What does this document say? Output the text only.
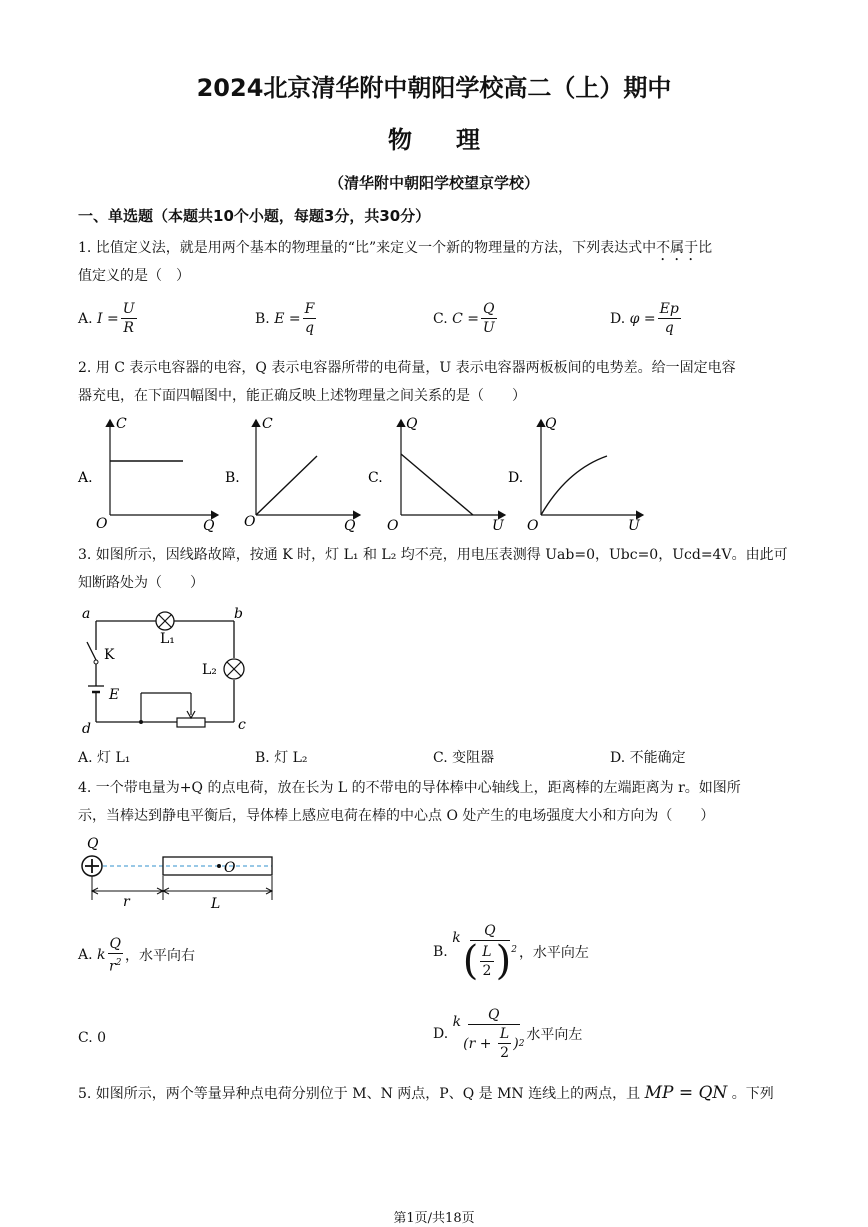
2024北京清华附中朝阳学校高二（上）期中
物理
（清华附中朝阳学校望京学校）
一、单选题（本题共10个小题，每题3分，共30分）
1. 比值定义法，就是用两个基本的物理量的“比”来定义一个新的物理量的方法，下列表达式中不属于比
值定义的是（　）
A.
$I = \frac{U}{R}$	B.
$E = \frac{F}{q}$	C.
$C = \frac{Q}{U}$	D.
$\varphi = \frac{Ep}{q}$
2. 用 C 表示电容器的电容，Q 表示电容器所带的电荷量，U 表示电容器两板板间的电势差。给一固定电容
器充电，在下面四幅图中，能正确反映上述物理量之间关系的是（　　）
A.
C
Q
O
B.
C
Q
O
C.
Q
U
O
D.
Q
U
O
3. 如图所示，因线路故障，按通 K 时，灯 L₁ 和 L₂ 均不亮，用电压表测得 Uab=0，Ubc=0，Ucd=4V。由此可
知断路处为（　　）
a	b
c
d
K
E
L₁
L₂
A. 灯 L₁	B. 灯 L₂	C. 变阻器	D. 不能确定
4. 一个带电量为+Q 的点电荷，放在长为 L 的不带电的导体棒中心轴线上，距离棒的左端距离为 r。如图所
示，当棒达到静电平衡后，导体棒上感应电荷在棒的中心点 O 处产生的电场强度大小和方向为（　　）
Q
O
r	L
A.
k $\frac{Q}{r^2}$ ，水平向右	B.

k $\frac{Q}{( \frac{L}{2} )^2}$ ，水平向左
C. 0	D.

k $\frac{Q}{(r + \frac{L}{2} ) 2}$ 水平向左
5. 如图所示，两个等量异种点电荷分别位于 M、N 两点，P、Q 是 MN 连线上的两点，且 MP = QN 。下列
第1页/共18页
